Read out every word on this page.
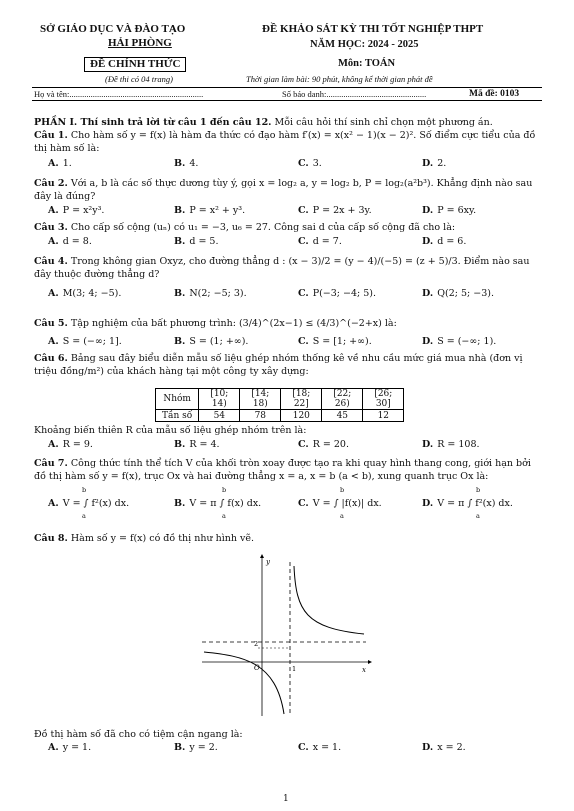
SỞ GIÁO DỤC VÀ ĐÀO TẠO
HẢI PHÒNG
ĐỀ CHÍNH THỨC
(Đề thi có 04 trang)
ĐỀ KHẢO SÁT KỲ THI TỐT NGHIỆP THPT
NĂM HỌC: 2024 - 2025
Môn: TOÁN
Thời gian làm bài: 90 phút, không kể thời gian phát đề
Họ và tên:...............................................................	Số báo danh:...............................................	Mã đề: 0103
PHẦN I. Thí sinh trả lời từ câu 1 đến câu 12. Mỗi câu hỏi thí sinh chỉ chọn một phương án.
Câu 1. Cho hàm số y = f(x) là hàm đa thức có đạo hàm f′(x) = x(x² − 1)(x − 2)². Số điểm cực tiểu của đồ thị hàm số là:
A. 1.	B. 4.	C. 3.	D. 2.
Câu 2. Với a, b là các số thực dương tùy ý, gọi x = log₂ a, y = log₂ b, P = log₂(a²b³). Khẳng định nào sau đây là đúng?
A. P = x²y³.	B. P = x² + y³.	C. P = 2x + 3y.	D. P = 6xy.
Câu 3. Cho cấp số cộng (uₙ) có u₁ = −3, u₆ = 27. Công sai d của cấp số cộng đã cho là:
A. d = 8.	B. d = 5.	C. d = 7.	D. d = 6.
Câu 4. Trong không gian Oxyz, cho đường thẳng d : (x − 3)/2 = (y − 4)/(−5) = (z + 5)/3. Điểm nào sau đây thuộc đường thẳng d?
A. M(3; 4; −5).	B. N(2; −5; 3).	C. P(−3; −4; 5).	D. Q(2; 5; −3).
Câu 5. Tập nghiệm của bất phương trình: (3/4)^(2x−1) ≤ (4/3)^(−2+x) là:
A. S = (−∞; 1].	B. S = (1; +∞).	C. S = [1; +∞).	D. S = (−∞; 1).
Câu 6. Bảng sau đây biểu diễn mẫu số liệu ghép nhóm thống kê về nhu cầu mức giá mua nhà (đơn vị triệu đồng/m²) của khách hàng tại một công ty xây dựng:
Nhóm	[10; 14)	[14; 18)	[18; 22]	[22; 26)	[26; 30]
Tần số	54	78	120	45	12
Khoảng biến thiên R của mẫu số liệu ghép nhóm trên là:
A. R = 9.	B. R = 4.	C. R = 20.	D. R = 108.
Câu 7. Công thức tính thể tích V của khối tròn xoay được tạo ra khi quay hình thang cong, giới hạn bởi đồ thị hàm số y = f(x), trục Ox và hai đường thẳng x = a, x = b (a < b), xung quanh trục Ox là:
A. V = ∫ f²(x) dx.	B. V = π ∫ f(x) dx.	C. V = ∫ |f(x)| dx.	D. V = π ∫ f²(x) dx.
b
a
b
a
b
a
b
a
Câu 8. Hàm số y = f(x) có đồ thị như hình vẽ.
x
y
O	1
2
Đồ thị hàm số đã cho có tiệm cận ngang là:
A. y = 1.	B. y = 2.	C. x = 1.	D. x = 2.
1
